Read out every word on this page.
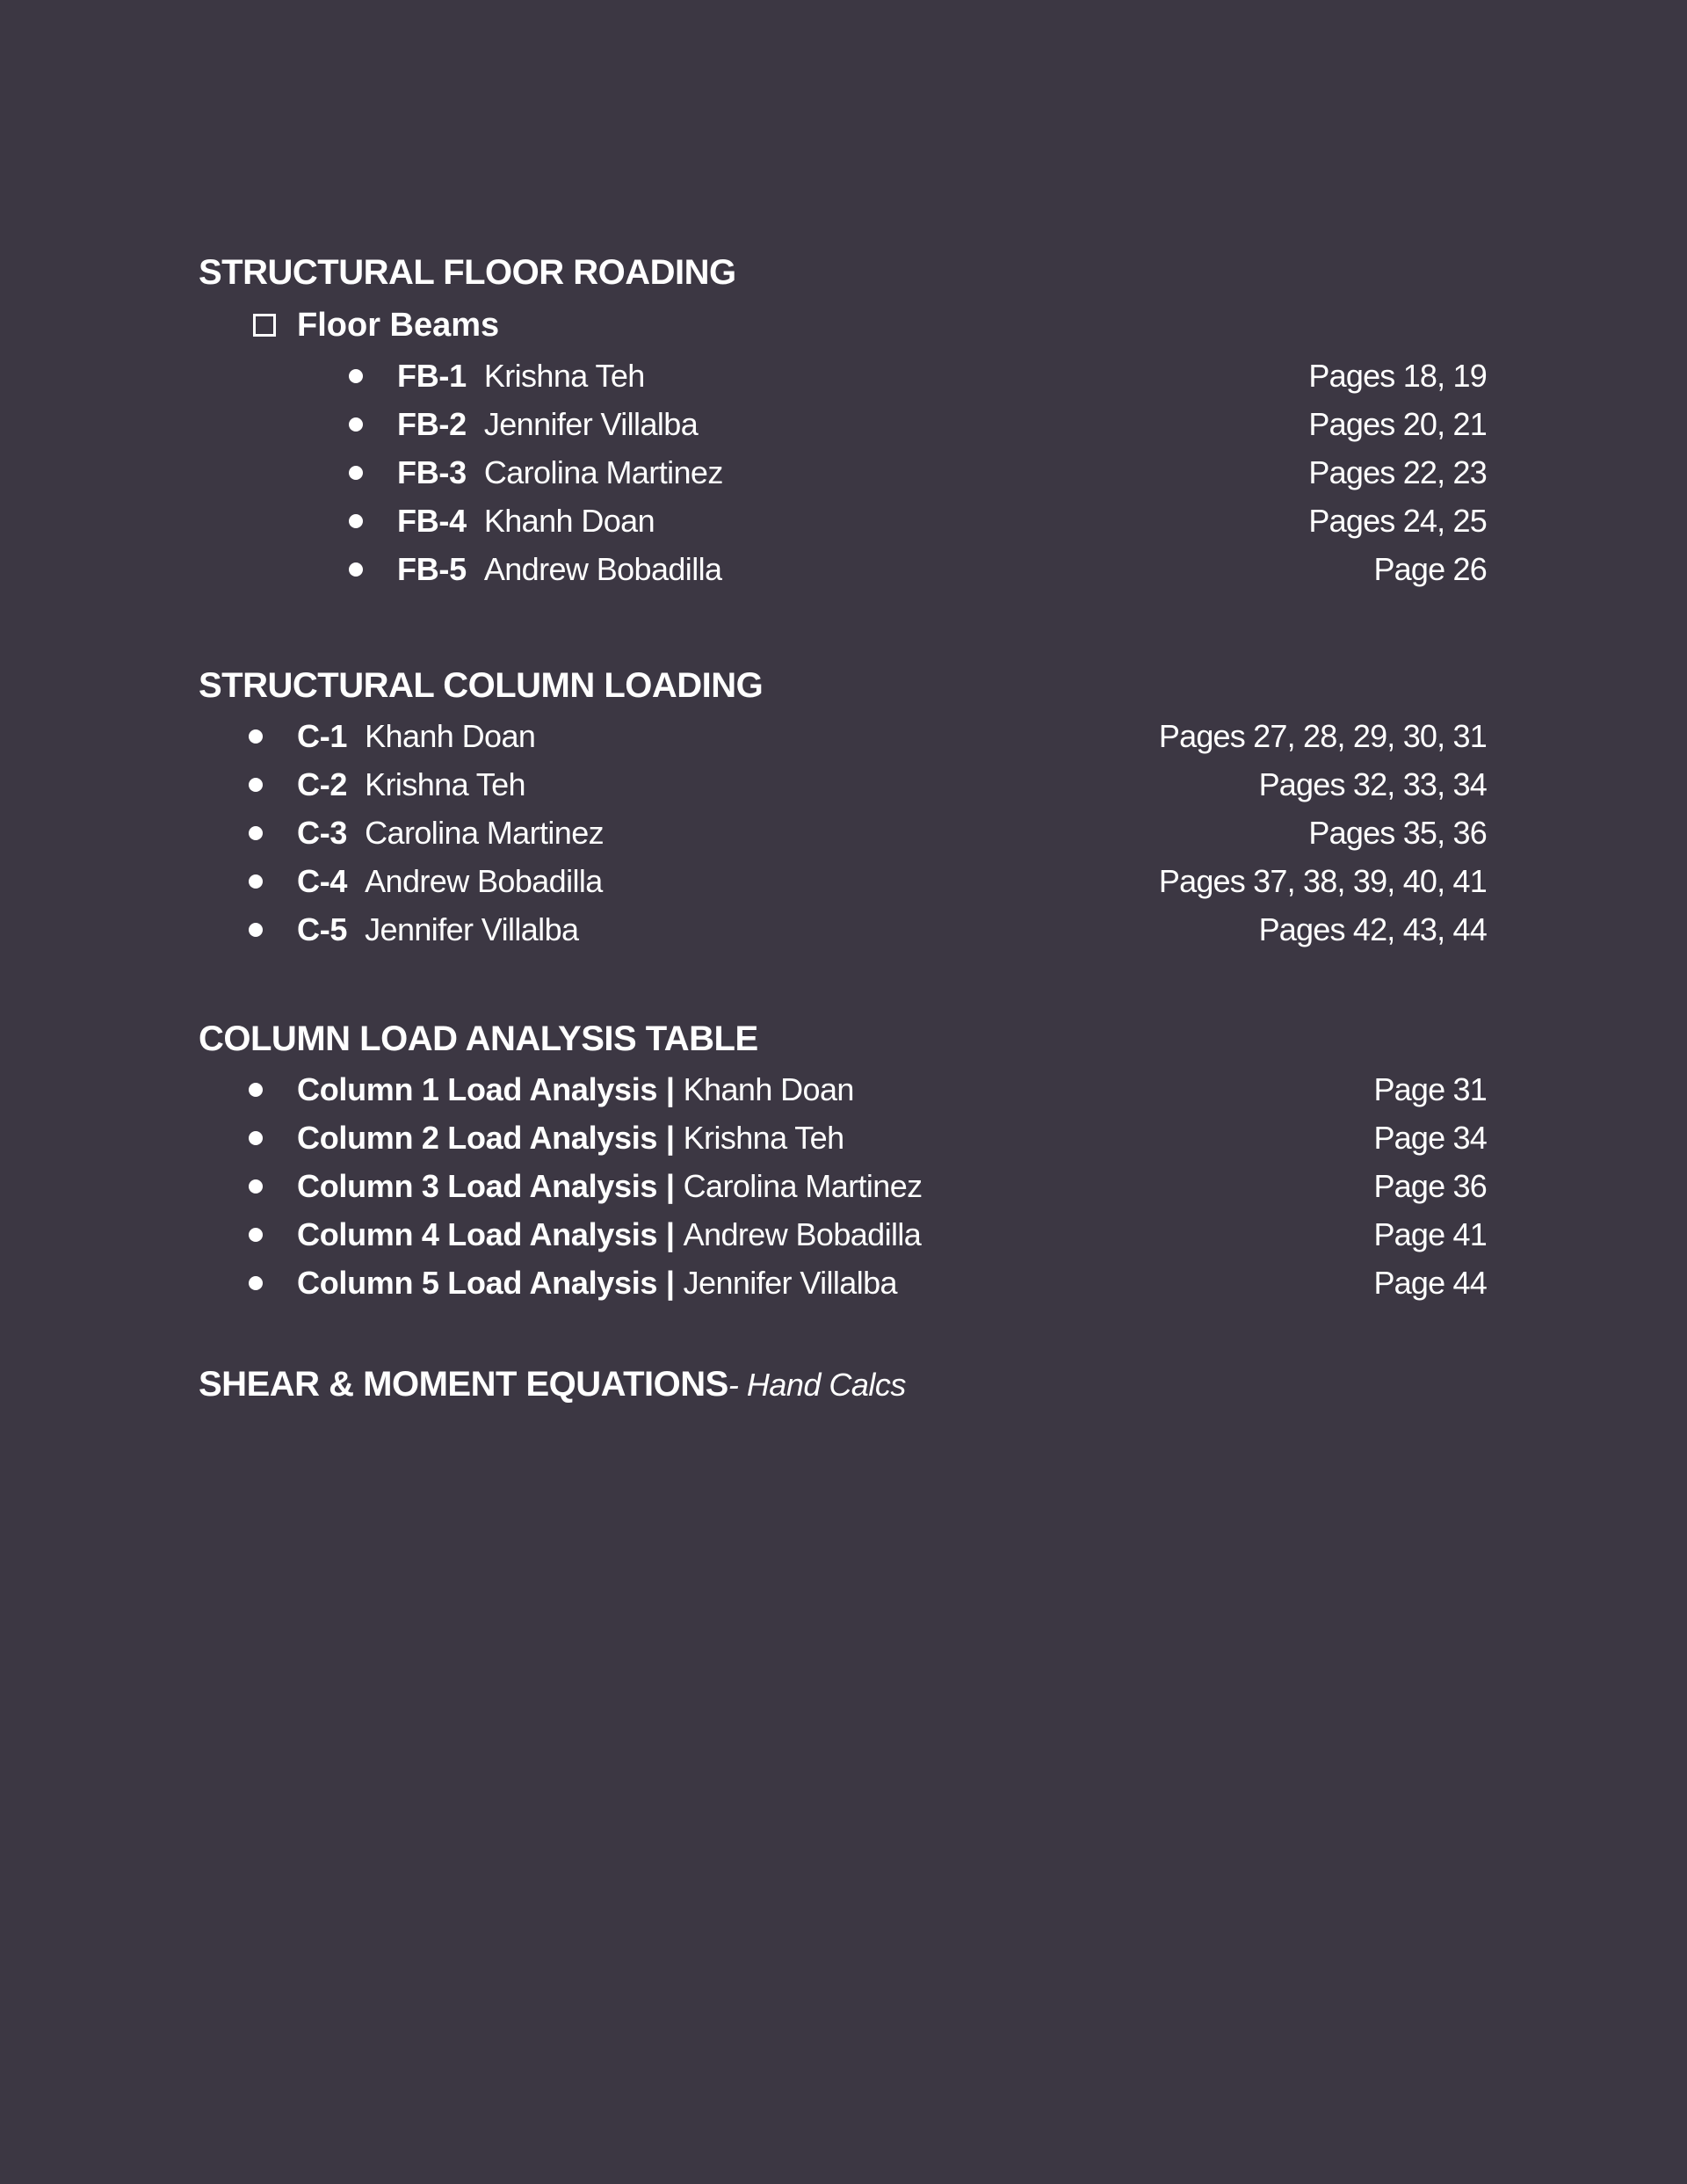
STRUCTURAL FLOOR ROADING
Floor Beams
FB-1 Krishna Teh	Pages 18, 19
FB-2 Jennifer Villalba	Pages 20, 21
FB-3 Carolina Martinez	Pages 22, 23
FB-4 Khanh Doan	Pages 24, 25
FB-5 Andrew Bobadilla	Page 26
STRUCTURAL COLUMN LOADING
C-1 Khanh Doan	Pages 27, 28, 29, 30, 31
C-2 Krishna Teh	Pages 32, 33, 34
C-3 Carolina Martinez	Pages 35, 36
C-4 Andrew Bobadilla	Pages 37, 38, 39, 40, 41
C-5 Jennifer Villalba	Pages 42, 43, 44
COLUMN LOAD ANALYSIS TABLE
Column 1 Load Analysis | Khanh Doan	Page 31
Column 2 Load Analysis | Krishna Teh	Page 34
Column 3 Load Analysis | Carolina Martinez	Page 36
Column 4 Load Analysis | Andrew Bobadilla	Page 41
Column 5 Load Analysis | Jennifer Villalba	Page 44
SHEAR & MOMENT EQUATIONS- Hand Calcs
